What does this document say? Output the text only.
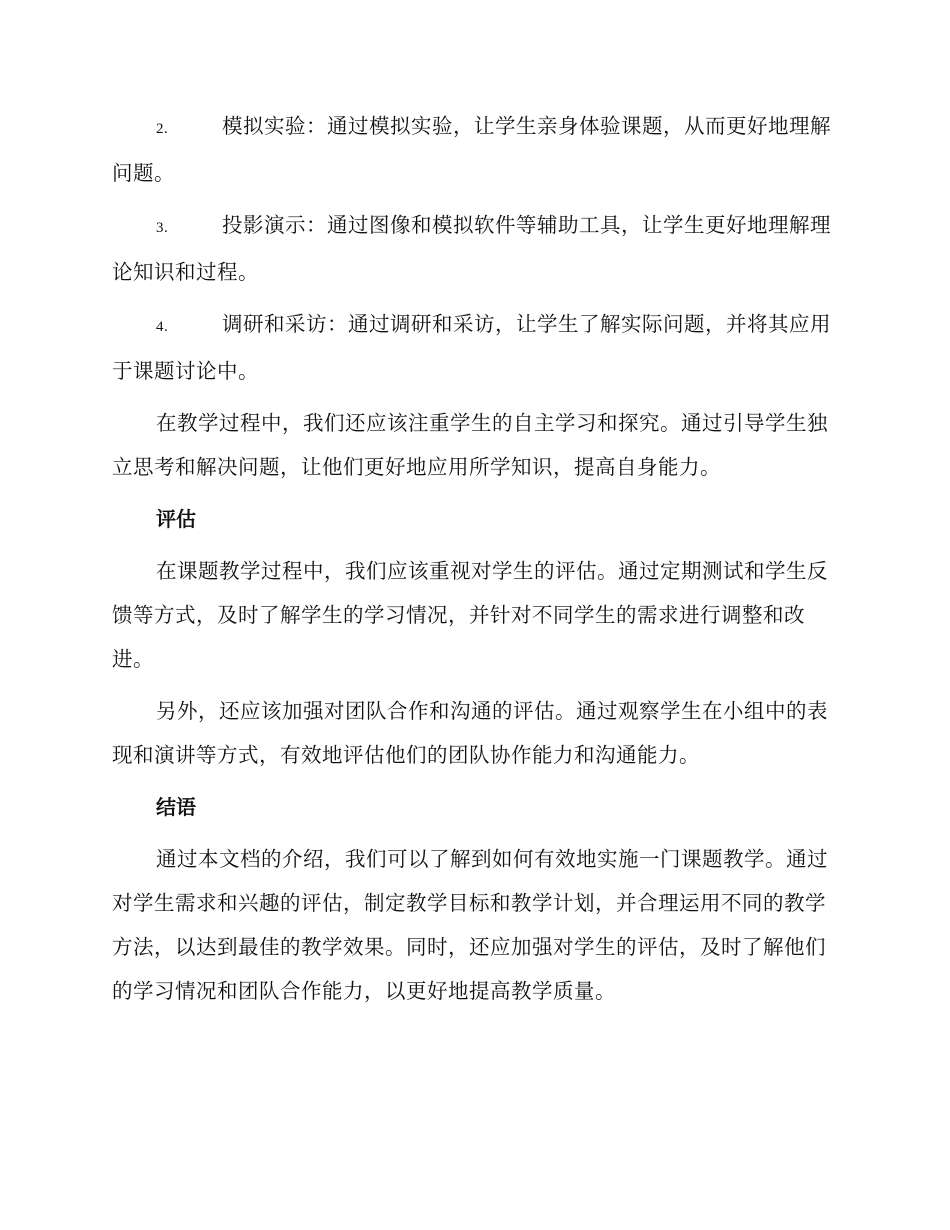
2.	模拟实验：通过模拟实验，让学生亲身体验课题，从而更好地理解问题。

3.	投影演示：通过图像和模拟软件等辅助工具，让学生更好地理解理论知识和过程。

4.	调研和采访：通过调研和采访，让学生了解实际问题，并将其应用于课题讨论中。

在教学过程中，我们还应该注重学生的自主学习和探究。通过引导学生独立思考和解决问题，让他们更好地应用所学知识，提高自身能力。

评估

在课题教学过程中，我们应该重视对学生的评估。通过定期测试和学生反馈等方式，及时了解学生的学习情况，并针对不同学生的需求进行调整和改进。

另外，还应该加强对团队合作和沟通的评估。通过观察学生在小组中的表现和演讲等方式，有效地评估他们的团队协作能力和沟通能力。

结语

通过本文档的介绍，我们可以了解到如何有效地实施一门课题教学。通过对学生需求和兴趣的评估，制定教学目标和教学计划，并合理运用不同的教学方法，以达到最佳的教学效果。同时，还应加强对学生的评估，及时了解他们的学习情况和团队合作能力，以更好地提高教学质量。
